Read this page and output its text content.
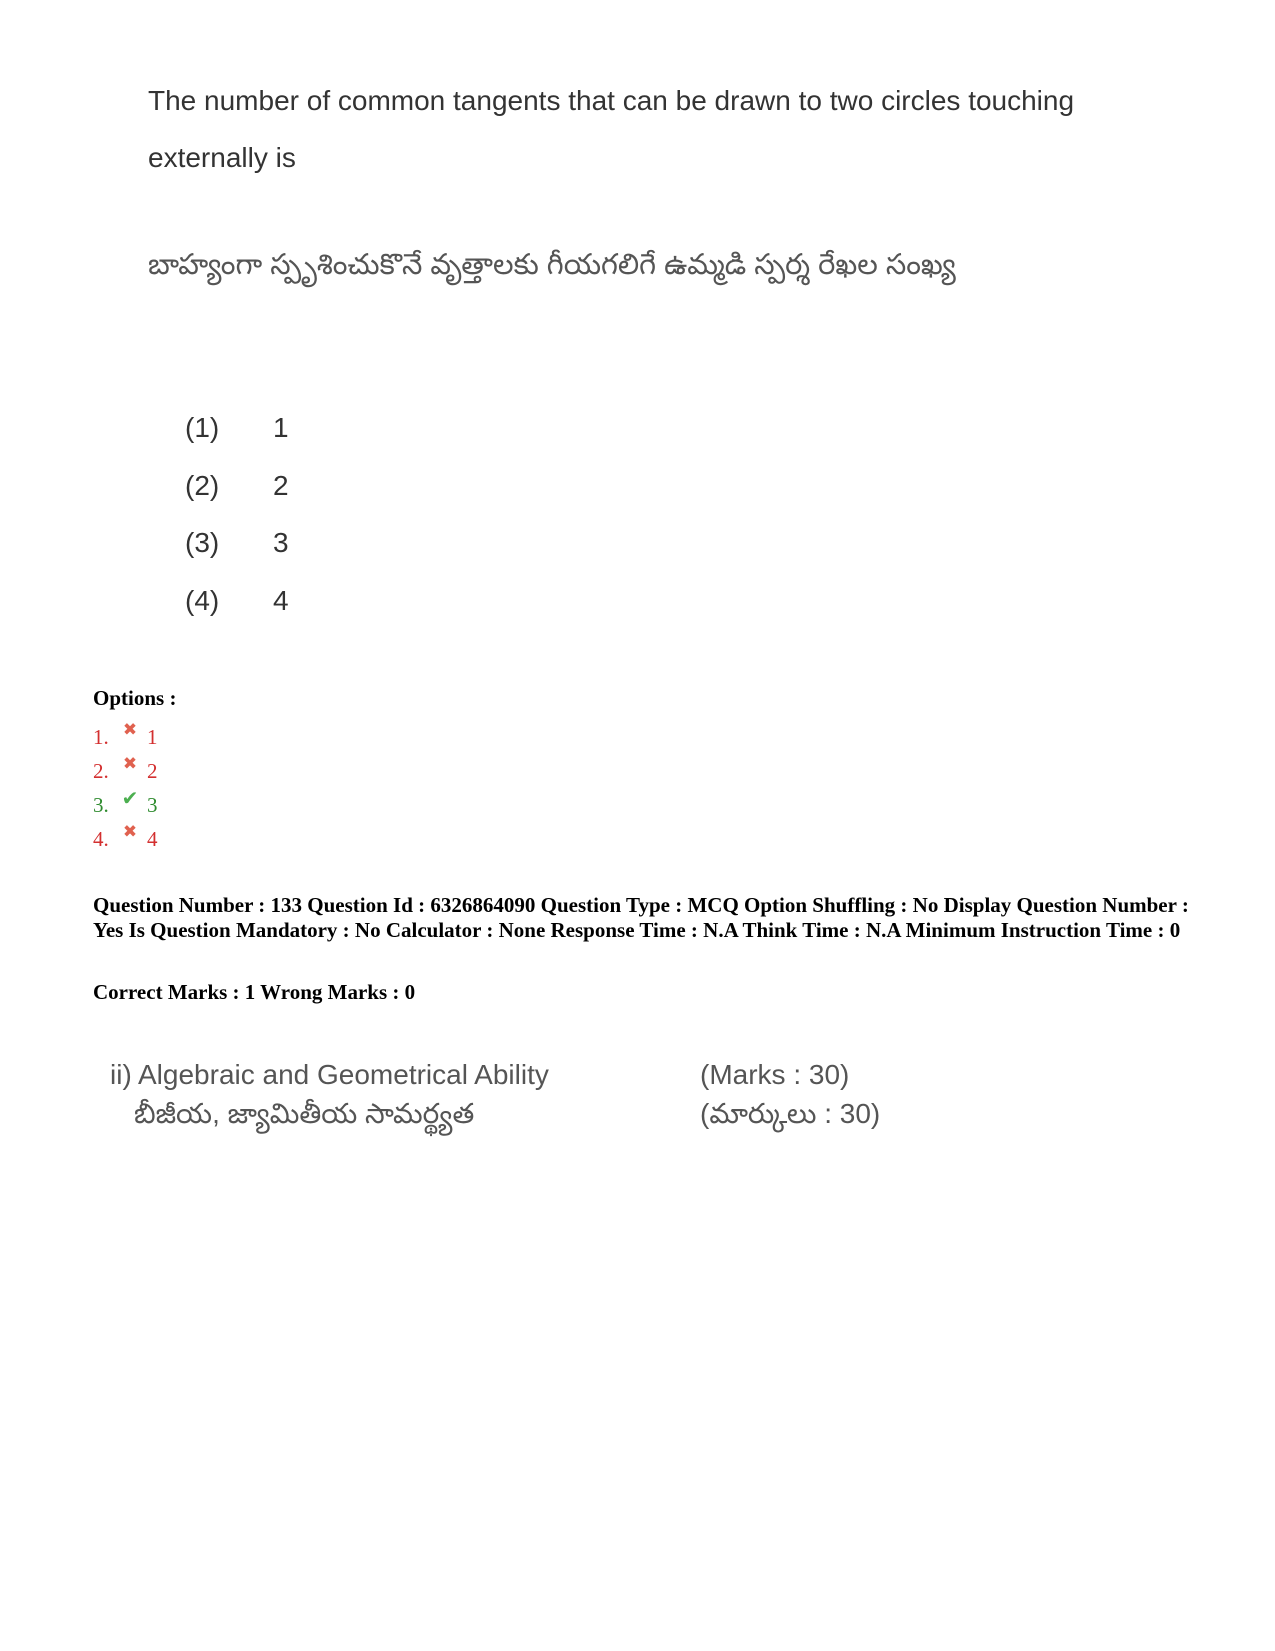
The number of common tangents that can be drawn to two circles touching externally is
బాహ్యంగా స్పృశించుకొనే వృత్తాలకు గీయగలిగే ఉమ్మడి స్పర్శ రేఖల సంఖ్య
(1)	1
(2)	2
(3)	3
(4)	4
Options :
1. ✖ 1
2. ✖ 2
3. ✔ 3
4. ✖ 4
Question Number : 133 Question Id : 6326864090 Question Type : MCQ Option Shuffling : No Display Question Number : Yes Is Question Mandatory : No Calculator : None Response Time : N.A Think Time : N.A Minimum Instruction Time : 0
Correct Marks : 1 Wrong Marks : 0
ii) Algebraic and Geometrical Ability	(Marks : 30)
బీజీయ, జ్యామితీయ సామర్థ్యత	(మార్కులు : 30)
